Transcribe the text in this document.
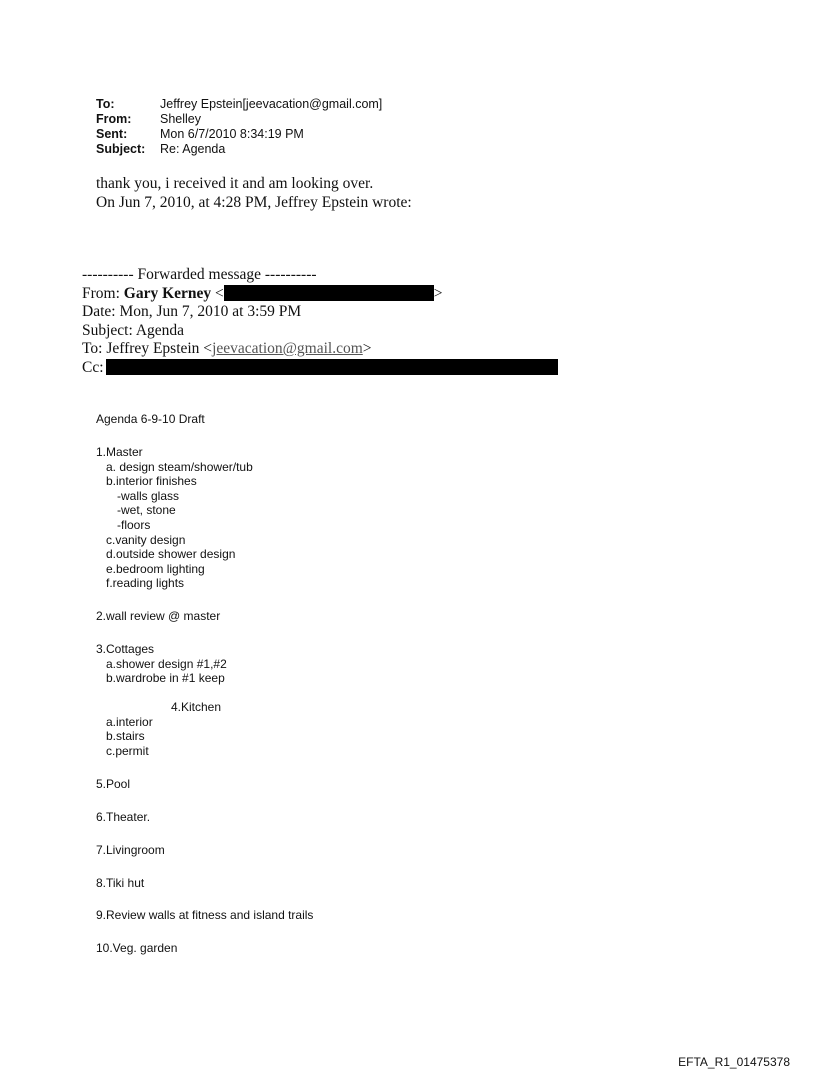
To:	Jeffrey Epstein[jeevacation@gmail.com]
From:	Shelley
Sent:	Mon 6/7/2010 8:34:19 PM
Subject:	Re: Agenda
thank you, i received it and am looking over.
On Jun 7, 2010, at 4:28 PM, Jeffrey Epstein wrote:
---------- Forwarded message ----------
From: Gary Kerney <	>
Date: Mon, Jun 7, 2010 at 3:59 PM
Subject: Agenda
To: Jeffrey Epstein <jeevacation@gmail.com>
Cc:
Agenda 6-9-10 Draft
1.Master
a. design steam/shower/tub
b.interior finishes
-walls glass
-wet, stone
-floors
c.vanity design
d.outside shower design
e.bedroom lighting
f.reading lights
2.wall review @ master
3.Cottages
a.shower design #1,#2
b.wardrobe in #1 keep
4.Kitchen
a.interior
b.stairs
c.permit
5.Pool
6.Theater.
7.Livingroom
8.Tiki hut
9.Review walls at fitness and island trails
10.Veg. garden
EFTA_R1_01475378
